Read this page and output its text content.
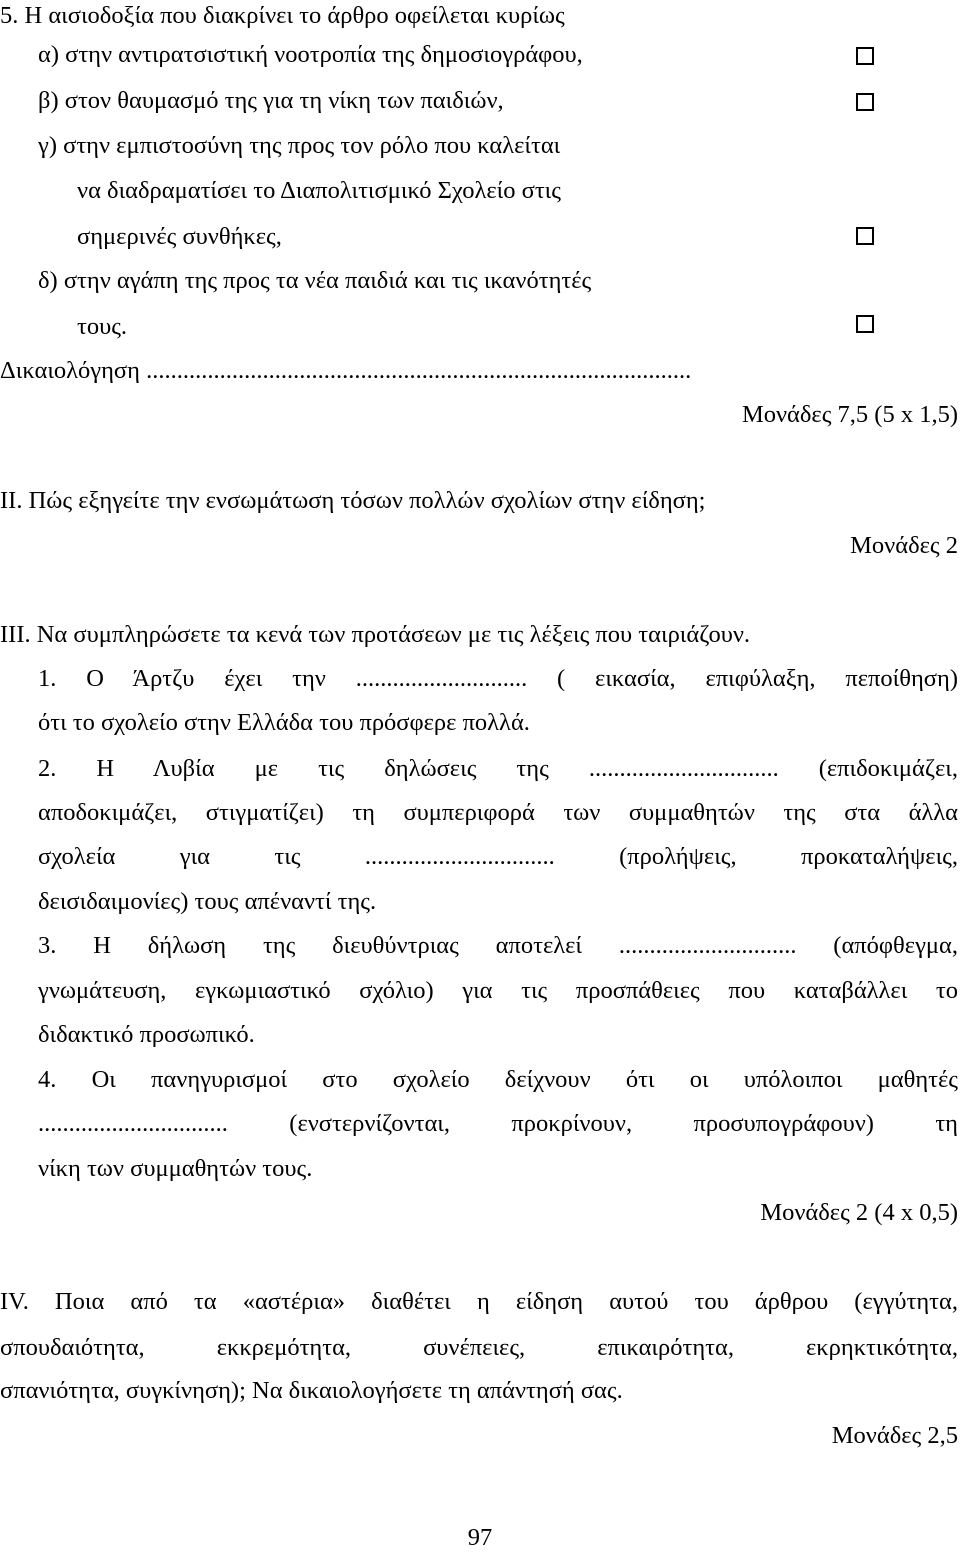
5. Η αισιοδοξία που διακρίνει το άρθρο οφείλεται κυρίως
α) στην αντιρατσιστική νοοτροπία της δημοσιογράφου,
β) στον θαυμασμό της για τη νίκη των παιδιών,
γ) στην εμπιστοσύνη της προς τον ρόλο που καλείται
να διαδραματίσει το Διαπολιτισμικό Σχολείο στις
σημερινές συνθήκες,
δ) στην αγάπη της προς τα νέα παιδιά και τις ικανότητές
τους.
Δικαιολόγηση .........................................................................................
Μονάδες 7,5 (5 x 1,5)
ΙΙ. Πώς εξηγείτε την ενσωμάτωση τόσων πολλών σχολίων στην είδηση;
Μονάδες 2
ΙΙΙ. Να συμπληρώσετε τα κενά των προτάσεων με τις λέξεις που ταιριάζουν.
1. Ο Άρτζυ έχει την ............................ ( εικασία, επιφύλαξη, πεποίθηση)
ότι το σχολείο στην Ελλάδα του πρόσφερε πολλά.
2. Η Λυβία με τις δηλώσεις της ............................... (επιδοκιμάζει,
αποδοκιμάζει, στιγματίζει) τη συμπεριφορά των συμμαθητών της στα άλλα
σχολεία για τις ............................... (προλήψεις, προκαταλήψεις,
δεισιδαιμονίες) τους απέναντί της.
3. Η δήλωση της διευθύντριας αποτελεί ............................. (απόφθεγμα,
γνωμάτευση, εγκωμιαστικό σχόλιο) για τις προσπάθειες που καταβάλλει το
διδακτικό προσωπικό.
4. Οι πανηγυρισμοί στο σχολείο δείχνουν ότι οι υπόλοιποι μαθητές
............................... (ενστερνίζονται, προκρίνουν, προσυπογράφουν) τη
νίκη των συμμαθητών τους.
Μονάδες 2 (4 x 0,5)
IV. Ποια από τα «αστέρια» διαθέτει η είδηση αυτού του άρθρου (εγγύτητα,
σπουδαιότητα, εκκρεμότητα, συνέπειες, επικαιρότητα, εκρηκτικότητα,
σπανιότητα, συγκίνηση); Να δικαιολογήσετε τη απάντησή σας.
Μονάδες 2,5
97
